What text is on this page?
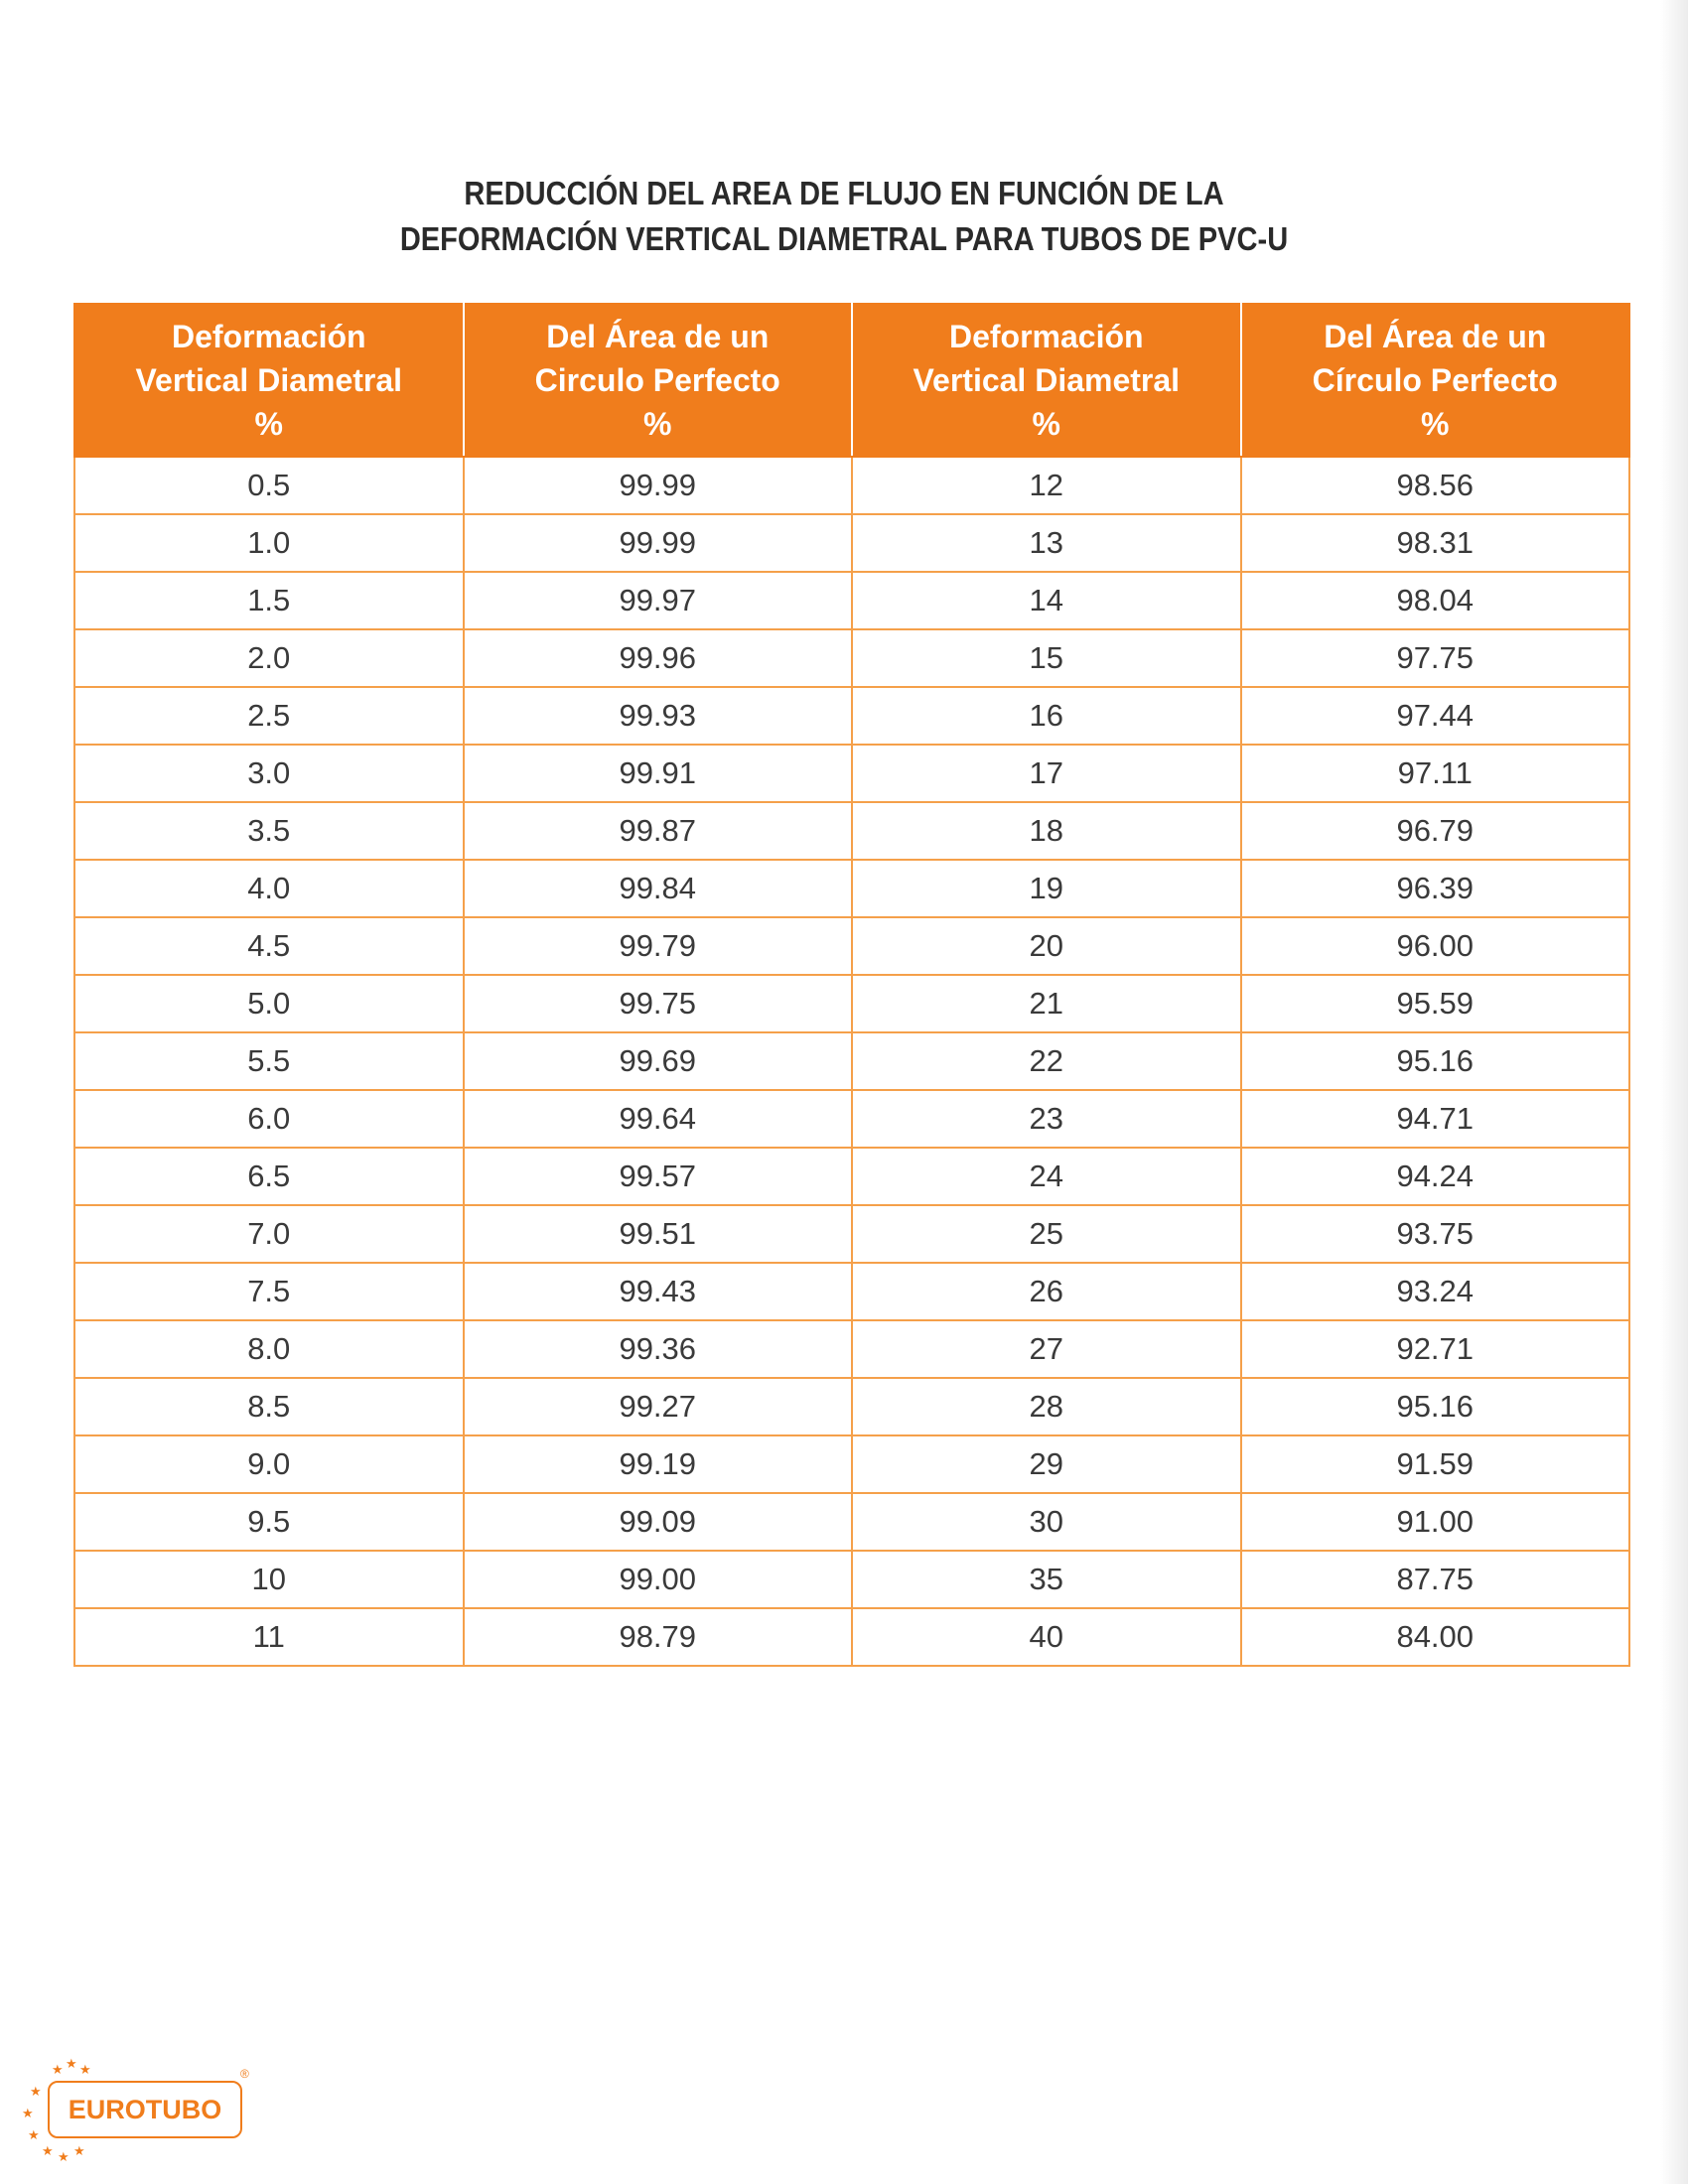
REDUCCIÓN DEL AREA DE FLUJO EN FUNCIÓN DE LA
DEFORMACIÓN VERTICAL DIAMETRAL PARA TUBOS DE PVC-U
Deformación
Vertical Diametral
%	Del Área de un
Circulo Perfecto
%	Deformación
Vertical Diametral
%	Del Área de un
Círculo Perfecto
%

0.5	99.99	12	98.56
1.0	99.99	13	98.31
1.5	99.97	14	98.04
2.0	99.96	15	97.75
2.5	99.93	16	97.44
3.0	99.91	17	97.11
3.5	99.87	18	96.79
4.0	99.84	19	96.39
4.5	99.79	20	96.00
5.0	99.75	21	95.59
5.5	99.69	22	95.16
6.0	99.64	23	94.71
6.5	99.57	24	94.24
7.0	99.51	25	93.75
7.5	99.43	26	93.24
8.0	99.36	27	92.71
8.5	99.27	28	95.16
9.0	99.19	29	91.59
9.5	99.09	30	91.00
10	99.00	35	87.75
11	98.79	40	84.00
★ ★ ★
★
★
★
★ ★ ★
EUROTUBO
®
